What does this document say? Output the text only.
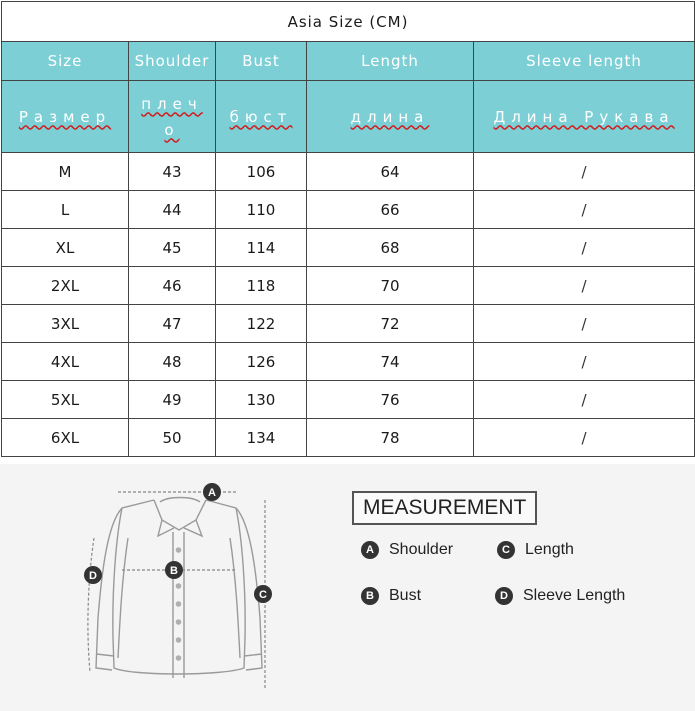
Asia Size (CM)				
Size	Shoulder	Bust	Length	Sleeve length
Размер	плечо	бюст	длина	Длина Рукава
M	43	106	64	/
L	44	110	66	/
XL	45	114	68	/
2XL	46	118	70	/
3XL	47	122	72	/
4XL	48	126	74	/
5XL	49	130	76	/
6XL	50	134	78	/
A
B
C
D
MEASUREMENT
A Shoulder	C Length
B Bust	D Sleeve Length
